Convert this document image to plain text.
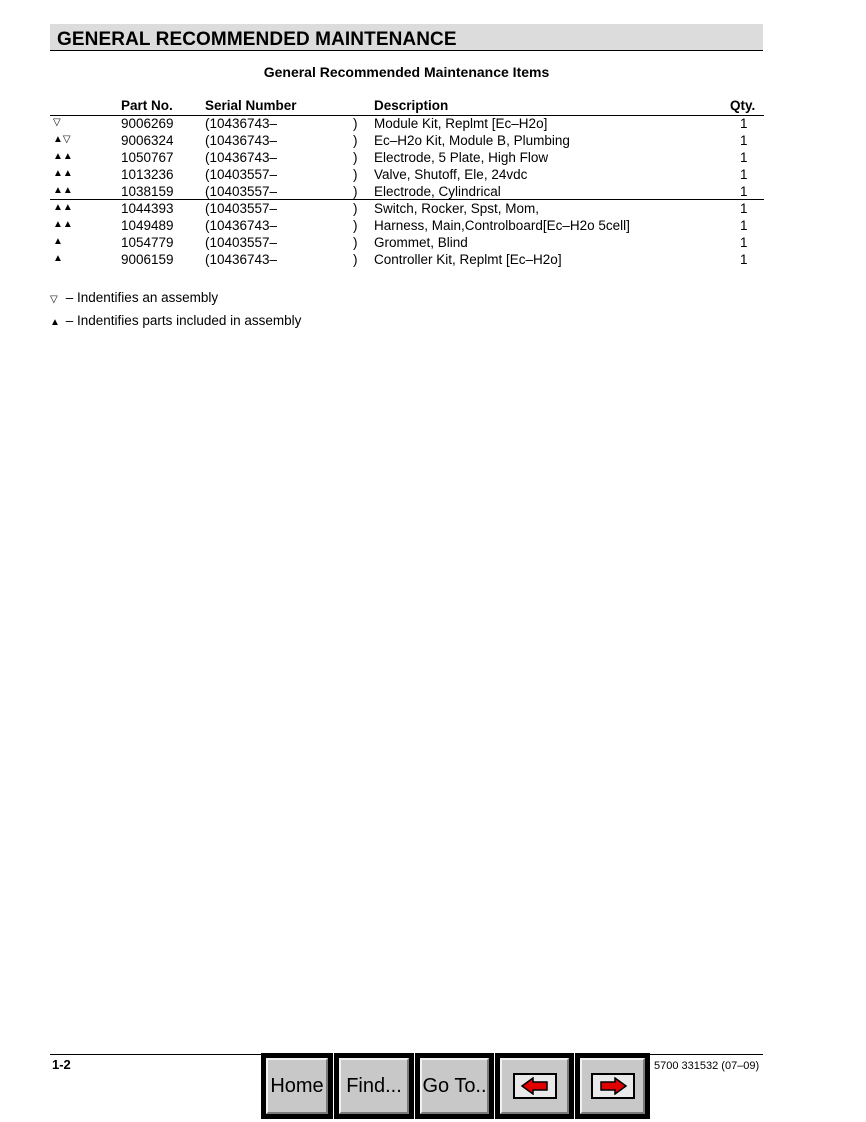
GENERAL RECOMMENDED MAINTENANCE
General Recommended Maintenance Items
Part No. Serial Number	Description	Qty.
▽	9006269 (10436743–	) Module Kit, Replmt [Ec–H2o]	1
▲▽	9006324 (10436743–	) Ec–H2o Kit, Module B, Plumbing	1
▲▲	1050767 (10436743–	) Electrode, 5 Plate, High Flow	1
▲▲	1013236 (10403557–	) Valve, Shutoff, Ele, 24vdc	1
▲▲	1038159 (10403557–	) Electrode, Cylindrical	1
▲▲	1044393 (10403557–	) Switch, Rocker, Spst, Mom,	1
▲▲	1049489 (10436743–	) Harness, Main,Controlboard[Ec–H2o 5cell]	1
▲	1054779 (10403557–	) Grommet, Blind	1
▲	9006159 (10436743–	) Controller Kit, Replmt [Ec–H2o]	1
▽ – Indentifies an assembly
▲ – Indentifies parts included in assembly
1-2	5700 331532 (07–09)
Home	Find...	Go To..
